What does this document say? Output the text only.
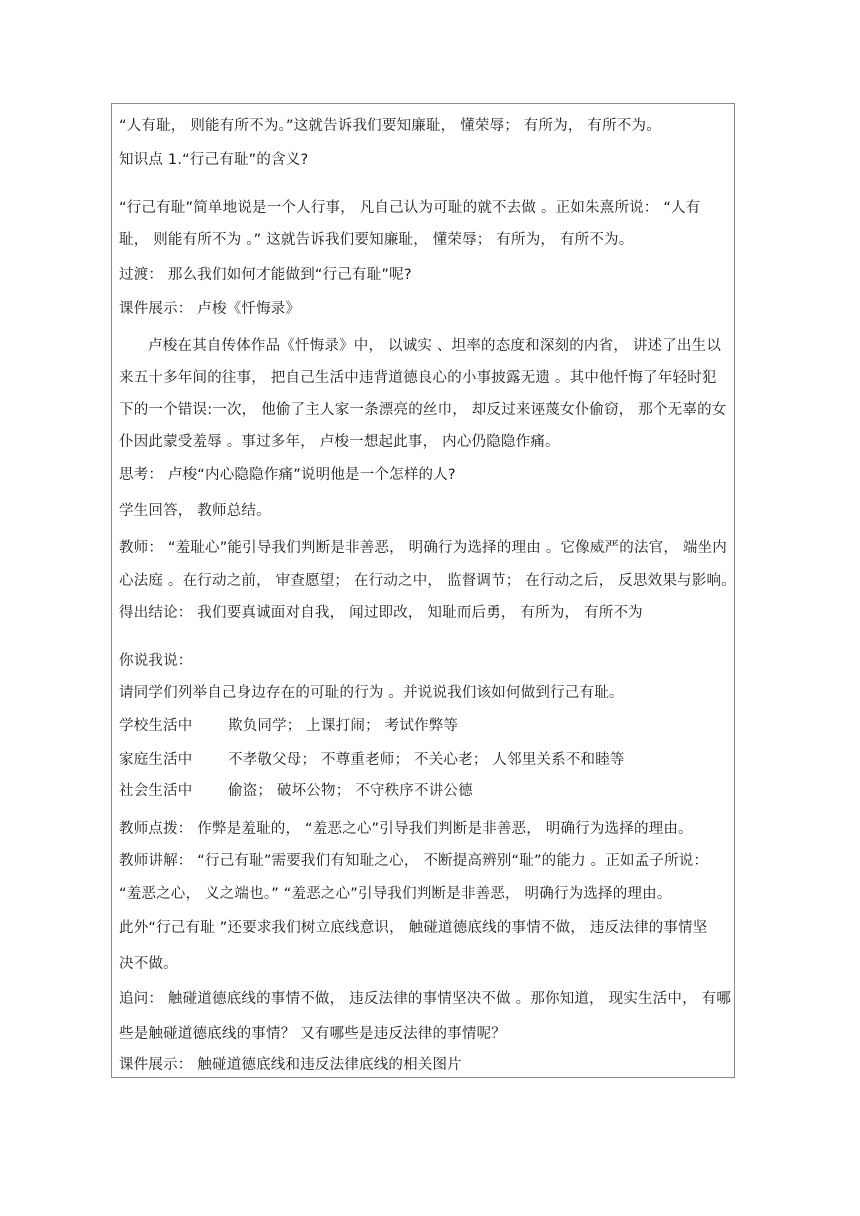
“人有耻， 则能有所不为。”这就告诉我们要知廉耻， 懂荣辱； 有所为， 有所不为。
知识点 1.“行己有耻”的含义?
“行己有耻”简单地说是一个人行事， 凡自己认为可耻的就不去做 。正如朱熹所说： “人有
耻， 则能有所不为 。” 这就告诉我们要知廉耻， 懂荣辱； 有所为， 有所不为。
过渡： 那么我们如何才能做到“行己有耻”呢?
课件展示： 卢梭《忏悔录》
卢梭在其自传体作品《忏悔录》中， 以诚实 、坦率的态度和深刻的内省， 讲述了出生以
来五十多年间的往事， 把自己生活中违背道德良心的小事披露无遗 。其中他忏悔了年轻时犯
下的一个错误:一次， 他偷了主人家一条漂亮的丝巾， 却反过来诬蔑女仆偷窃， 那个无辜的女
仆因此蒙受羞辱 。事过多年， 卢梭一想起此事， 内心仍隐隐作痛。
思考： 卢梭“内心隐隐作痛”说明他是一个怎样的人?
学生回答， 教师总结。
教师： “羞耻心”能引导我们判断是非善恶， 明确行为选择的理由 。它像威严的法官， 端坐内
心法庭 。在行动之前， 审查愿望； 在行动之中， 监督调节； 在行动之后， 反思效果与影响。
得出结论： 我们要真诚面对自我， 闻过即改， 知耻而后勇， 有所为， 有所不为
你说我说：
请同学们列举自己身边存在的可耻的行为 。并说说我们该如何做到行己有耻。
学校生活中 欺负同学； 上课打闹； 考试作弊等
家庭生活中 不孝敬父母； 不尊重老师； 不关心老； 人邻里关系不和睦等
社会生活中 偷盗； 破坏公物； 不守秩序不讲公德
教师点拨： 作弊是羞耻的， “羞恶之心”引导我们判断是非善恶， 明确行为选择的理由。
教师讲解： “行己有耻”需要我们有知耻之心， 不断提高辨别“耻”的能力 。正如孟子所说：
“羞恶之心， 义之端也。” “羞恶之心”引导我们判断是非善恶， 明确行为选择的理由。
此外“行己有耻 ”还要求我们树立底线意识， 触碰道德底线的事情不做， 违反法律的事情坚
决不做。
追问： 触碰道德底线的事情不做， 违反法律的事情坚决不做 。那你知道， 现实生活中， 有哪
些是触碰道德底线的事情？ 又有哪些是违反法律的事情呢？
课件展示： 触碰道德底线和违反法律底线的相关图片
